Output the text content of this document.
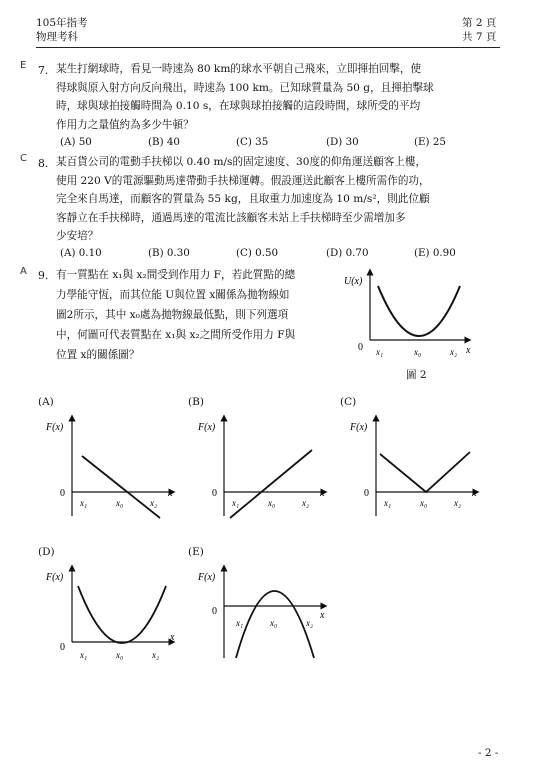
105年指考
物理考科
第 2 頁
共 7 頁
E 7. 某生打網球時，看見一時速為 80 km的球水平朝自己飛來，立即揮拍回擊，使
得球與原入射方向反向飛出，時速為 100 km。已知球質量為 50 g，且揮拍擊球
時，球與球拍接觸時間為 0.10 s，在球與球拍接觸的這段時間，球所受的平均
作用力之量值約為多少牛頓？
(A) 50	(B) 40	(C) 35	(D) 30	(E) 25
C 8. 某百貨公司的電動手扶梯以 0.40 m/s的固定速度、30度的仰角運送顧客上樓，
使用 220 V的電源驅動馬達帶動手扶梯運轉。假設運送此顧客上樓所需作的功，
完全來自馬達，而顧客的質量為 55 kg，且取重力加速度為 10 m/s²，則此位顧
客靜立在手扶梯時，通過馬達的電流比該顧客未站上手扶梯時至少需增加多
少安培？
(A) 0.10	(B) 0.30	(C) 0.50	(D) 0.70	(E) 0.90
A 9. 有一質點在 x₁與 x₂間受到作用力 F，若此質點的總
力學能守恆，而其位能 U與位置 x關係為拋物線如
圖2所示，其中 x₀處為拋物線最低點，則下列選項
中，何圖可代表質點在 x₁與 x₂之間所受作用力 F與
位置 x的關係圖？
U(x)
0	x
x₁	x₀	x₂
圖 2
(A)	(B)	(C)
(D)	(E)
F(x)
0	x
x₁	x₀	x₂
F(x)
0	x
x₁	x₀	x₂
F(x)
0	x
x₁	x₀	x₂
F(x)
0
x
x₁	x₀	x₂
F(x)
0	x
x₁	x₀	x₂
- 2 -
